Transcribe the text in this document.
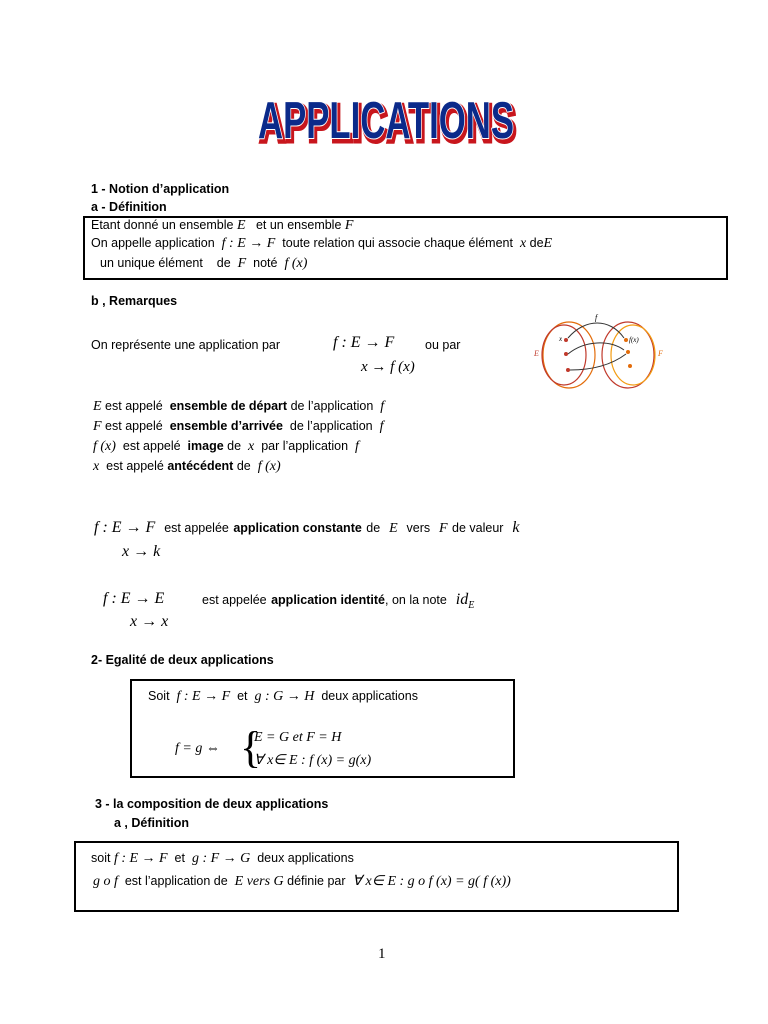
APPLICATIONS
APPLICATIONS
1 - Notion d’application
a - Définition
Etant donné un ensemble E et un ensemble F
On appelle application f : E → F toute relation qui associe chaque élément x deE
un unique élément de F noté f (x)
b , Remarques
On représente une application par	f : E → F ou par
x → f (x)
f
x	f(x)
E	F
E est appelé ensemble de départ de l’application f
F est appelé ensemble d’arrivée de l’application f
f (x) est appelé image de x par l’application f
x est appelé antécédent de f (x)
f : E → F est appelée application constante de E vers F de valeur k
x → k
f : E → E	est appelée application identité, on la note $id_E$
x → x
2- Egalité de deux applications
Soit f : E → F et g : G → H deux applications
f = g ⇔ {
E = G et F = H
∀ x∈ E : f (x) = g(x)
3 - la composition de deux applications
a , Définition
soit f : E → F et g : F → G deux applications
g o f est l’application de E vers G définie par ∀ x∈ E : g o f (x) = g( f (x))
1
